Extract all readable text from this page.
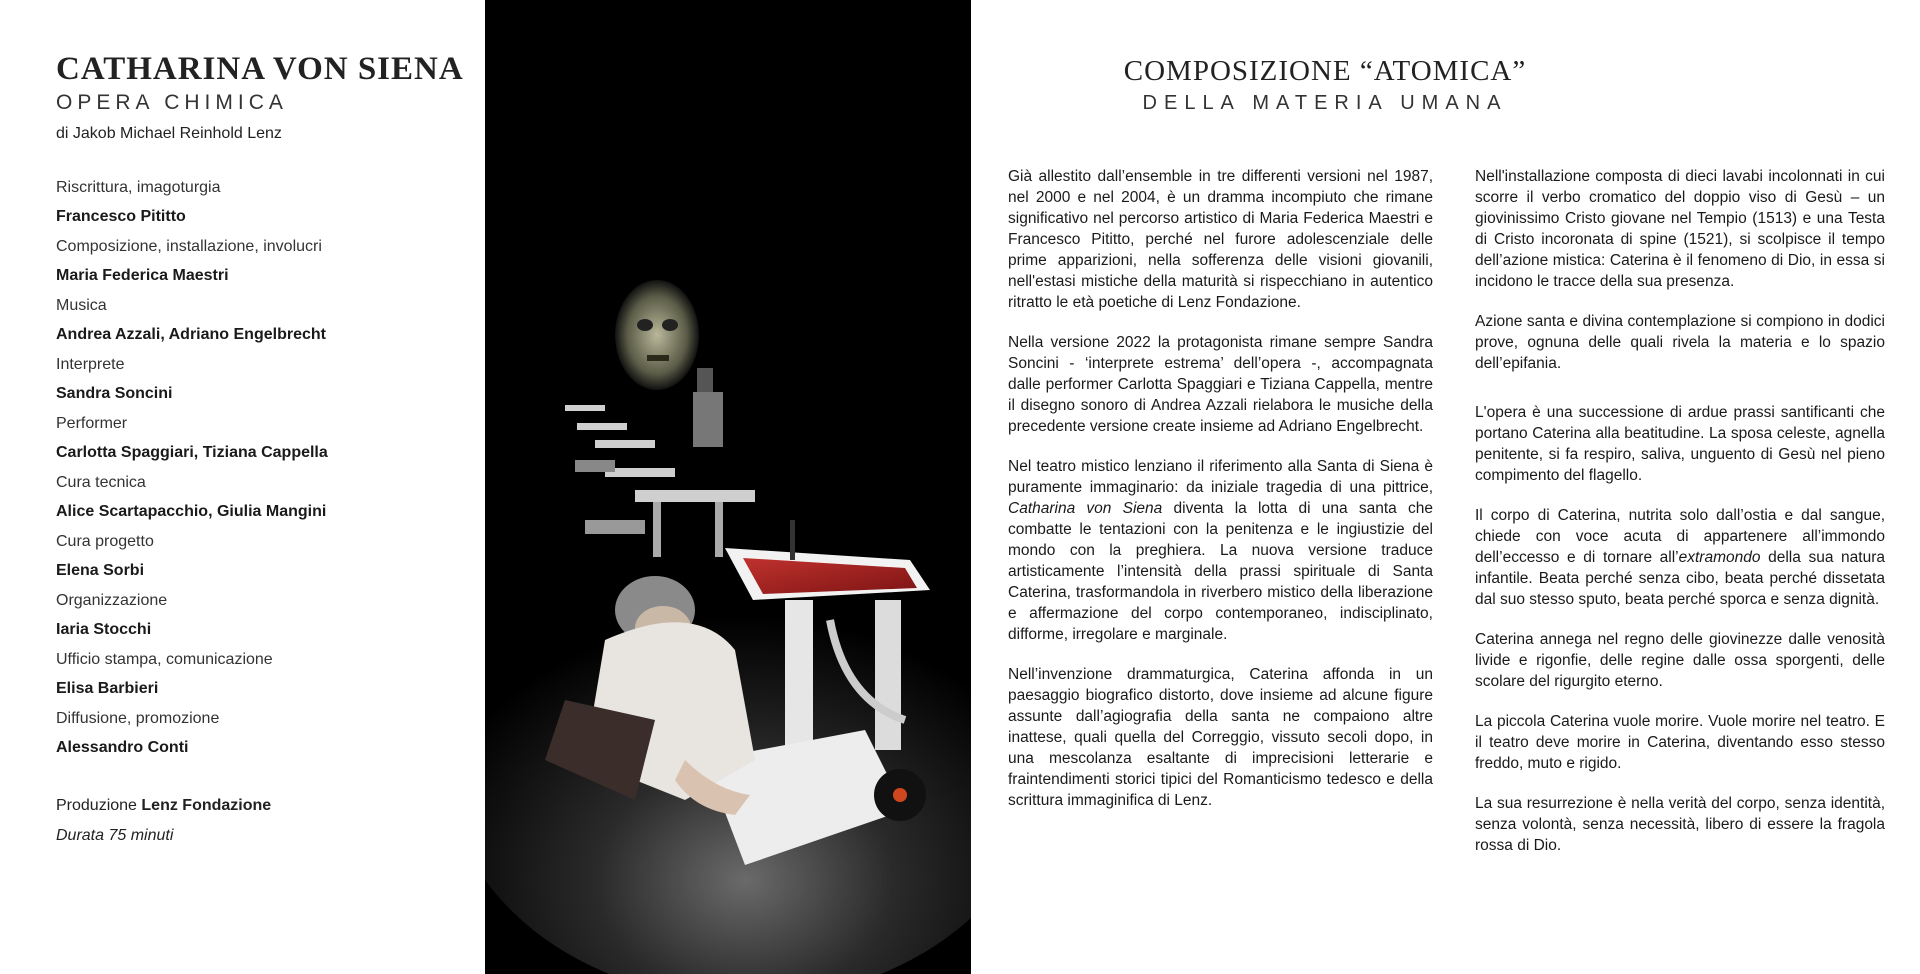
CATHARINA VON SIENA
OPERA CHIMICA
di Jakob Michael Reinhold Lenz
Riscrittura, imagoturgia
Francesco Pititto
Composizione, installazione, involucri
Maria Federica Maestri
Musica
Andrea Azzali, Adriano Engelbrecht
Interprete
Sandra Soncini
Performer
Carlotta Spaggiari, Tiziana Cappella
Cura tecnica
Alice Scartapacchio, Giulia Mangini
Cura progetto
Elena Sorbi
Organizzazione
Iaria Stocchi
Ufficio stampa, comunicazione
Elisa Barbieri
Diffusione, promozione
Alessandro Conti
Produzione Lenz Fondazione
Durata 75 minuti
COMPOSIZIONE “ATOMICA”
DELLA MATERIA UMANA

Già allestito dall’ensemble in tre differenti versioni nel 1987, nel 2000 e nel 2004, è un dramma incompiuto che rimane significativo nel percorso artistico di Maria Federica Maestri e Francesco Pititto, perché nel furore adolescenziale delle prime apparizioni, nella sofferenza delle visioni giovanili, nell'estasi mistiche della maturità si rispecchiano in autentico ritratto le età poetiche di Lenz Fondazione.

Nella versione 2022 la protagonista rimane sempre Sandra Soncini - ‘interprete estrema’ dell’opera -, accompagnata dalle performer Carlotta Spaggiari e Tiziana Cappella, mentre il disegno sonoro di Andrea Azzali rielabora le musiche della precedente versione create insieme ad Adriano Engelbrecht.

Nel teatro mistico lenziano il riferimento alla Santa di Siena è puramente immaginario: da iniziale tragedia di una pittrice, Catharina von Siena diventa la lotta di una santa che combatte le tentazioni con la penitenza e le ingiustizie del mondo con la preghiera. La nuova versione traduce artisticamente l’intensità della prassi spirituale di Santa Caterina, trasformandola in riverbero mistico della liberazione e affermazione del corpo contemporaneo, indisciplinato, difforme, irregolare e marginale.

Nell’invenzione drammaturgica, Caterina affonda in un paesaggio biografico distorto, dove insieme ad alcune figure assunte dall’agiografia della santa ne compaiono altre inattese, quali quella del Correggio, vissuto secoli dopo, in una mescolanza esaltante di imprecisioni letterarie e fraintendimenti storici tipici del Romanticismo tedesco e della scrittura immaginifica di Lenz.

Nell'installazione composta di dieci lavabi incolonnati in cui scorre il verbo cromatico del doppio viso di Gesù – un giovinissimo Cristo giovane nel Tempio (1513) e una Testa di Cristo incoronata di spine (1521), si scolpisce il tempo dell’azione mistica: Caterina è il fenomeno di Dio, in essa si incidono le tracce della sua presenza.

Azione santa e divina contemplazione si compiono in dodici prove, ognuna delle quali rivela la materia e lo spazio dell’epifania.

L'opera è una successione di ardue prassi santificanti che portano Caterina alla beatitudine. La sposa celeste, agnella penitente, si fa respiro, saliva, unguento di Gesù nel pieno compimento del flagello.

Il corpo di Caterina, nutrita solo dall’ostia e dal sangue, chiede con voce acuta di appartenere all’immondo dell’eccesso e di tornare all’extramondo della sua natura infantile. Beata perché senza cibo, beata perché dissetata dal suo stesso sputo, beata perché sporca e senza dignità.

Caterina annega nel regno delle giovinezze dalle venosità livide e rigonfie, delle regine dalle ossa sporgenti, delle scolare del rigurgito eterno.

La piccola Caterina vuole morire. Vuole morire nel teatro. E il teatro deve morire in Caterina, diventando esso stesso freddo, muto e rigido.

La sua resurrezione è nella verità del corpo, senza identità, senza volontà, senza necessità, libero di essere la fragola rossa di Dio.
